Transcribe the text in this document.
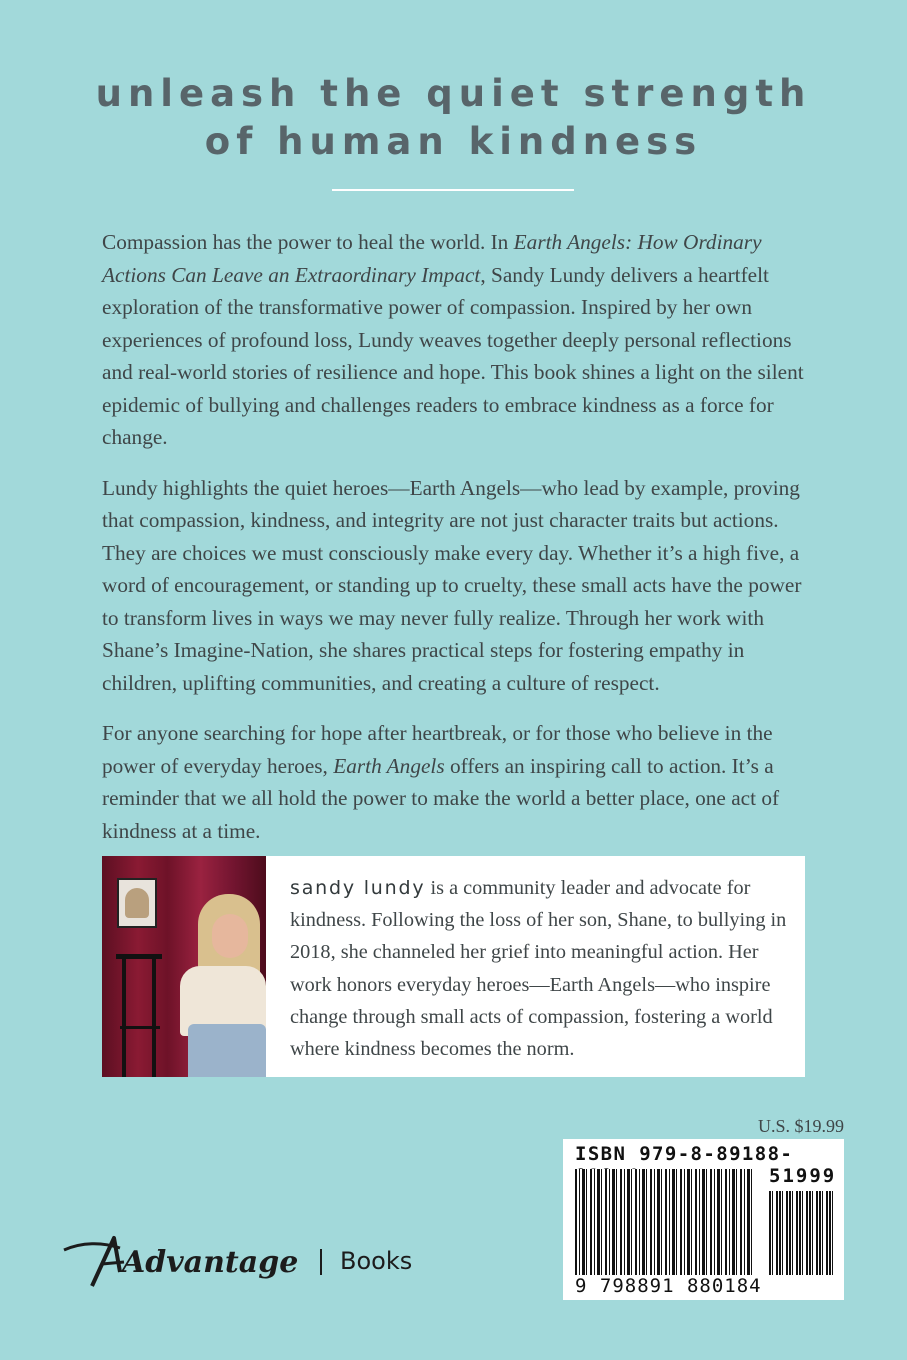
unleash the quiet strength
of human kindness

Compassion has the power to heal the world. In Earth Angels: How Ordinary Actions Can Leave an Extraordinary Impact, Sandy Lundy delivers a heartfelt exploration of the transformative power of compassion. Inspired by her own experiences of profound loss, Lundy weaves together deeply personal reflections and real-world stories of resilience and hope. This book shines a light on the silent epidemic of bullying and challenges readers to embrace kindness as a force for change.

Lundy highlights the quiet heroes—Earth Angels—who lead by example, proving that compassion, kindness, and integrity are not just character traits but actions. They are choices we must consciously make every day. Whether it’s a high five, a word of encouragement, or standing up to cruelty, these small acts have the power to transform lives in ways we may never fully realize. Through her work with Shane’s Imagine-Nation, she shares practical steps for fostering empathy in children, uplifting communities, and creating a culture of respect.

For anyone searching for hope after heartbreak, or for those who believe in the power of everyday heroes, Earth Angels offers an inspiring call to action. It’s a reminder that we all hold the power to make the world a better place, one act of kindness at a time.

sandy lundy is a community leader and advocate for kindness. Following the loss of her son, Shane, to bullying in 2018, she channeled her grief into meaningful action. Her work honors everyday heroes—Earth Angels—who inspire change through small acts of compassion, fostering a world where kindness becomes the norm.
U.S. $19.99
ISBN 979-8-89188-
51999
9 798891 880184
Advantage Books
